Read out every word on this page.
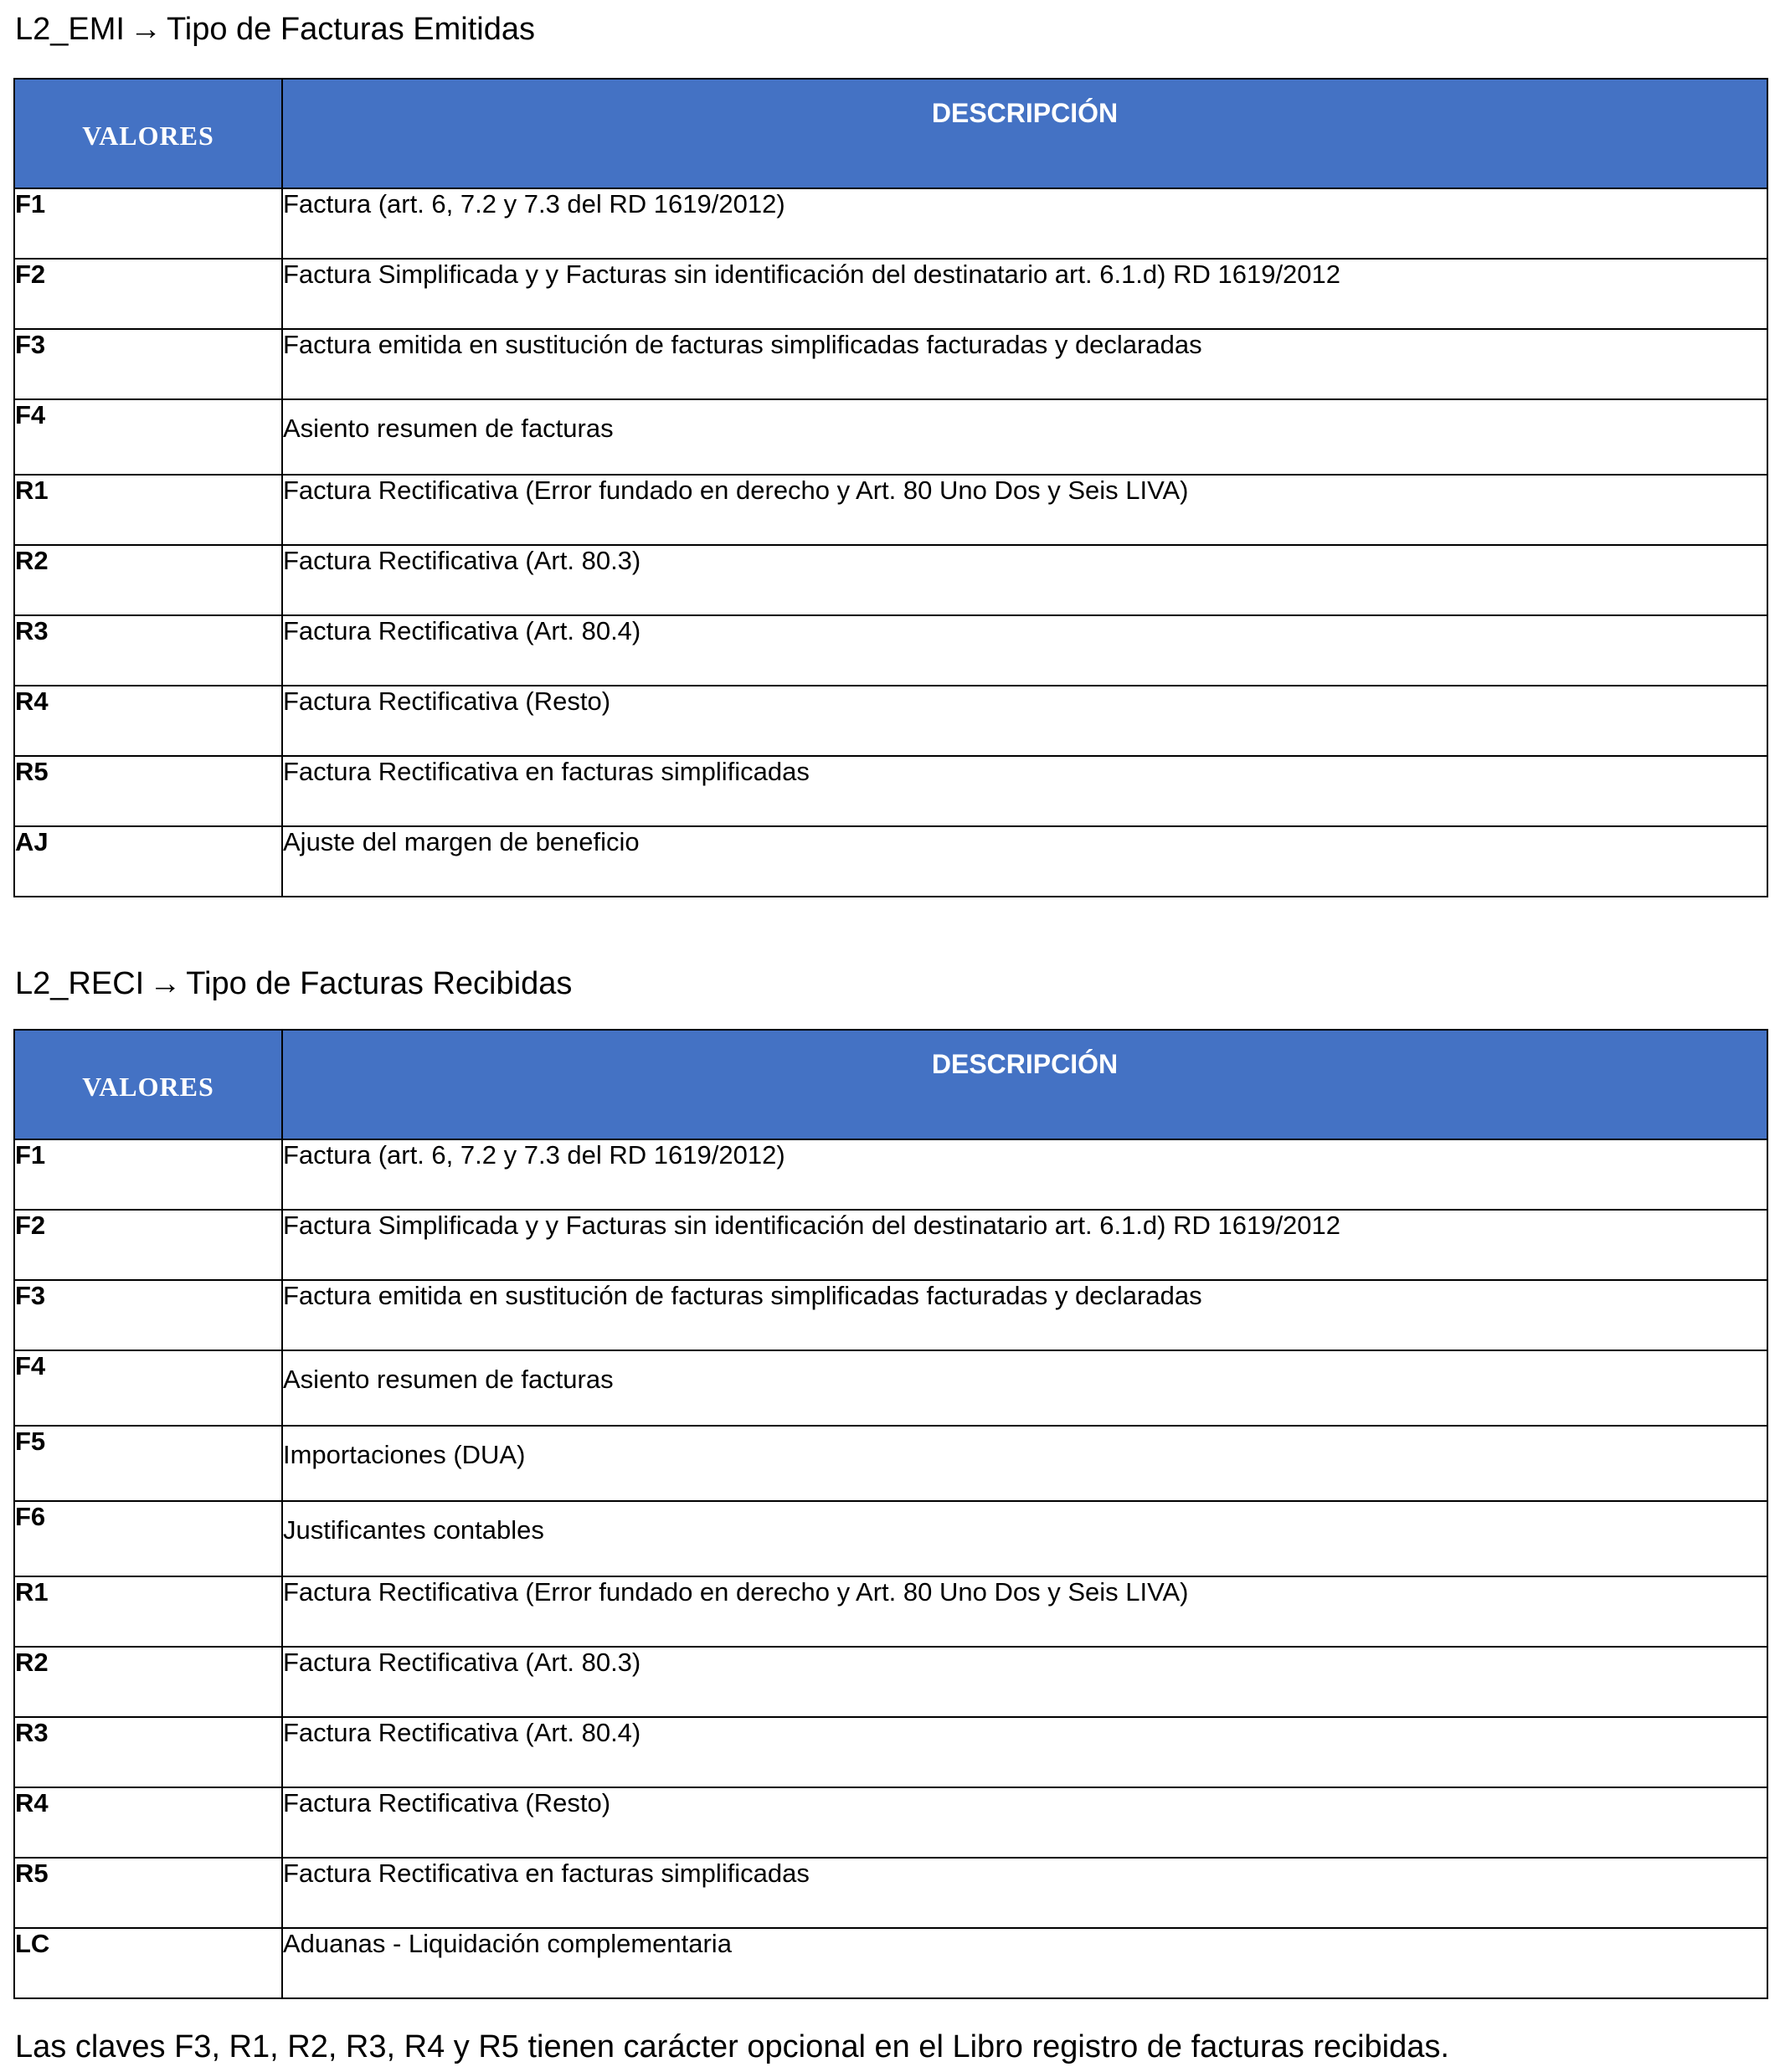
L2_EMI → Tipo de Facturas Emitidas
VALORES	DESCRIPCIÓN
F1	Factura (art. 6, 7.2 y 7.3 del RD 1619/2012)
F2	Factura Simplificada y y Facturas sin identificación del destinatario art. 6.1.d) RD 1619/2012
F3	Factura emitida en sustitución de facturas simplificadas facturadas y declaradas
F4	Asiento resumen de facturas
R1	Factura Rectificativa (Error fundado en derecho y Art. 80 Uno Dos y Seis LIVA)
R2	Factura Rectificativa (Art. 80.3)
R3	Factura Rectificativa (Art. 80.4)
R4	Factura Rectificativa (Resto)
R5	Factura Rectificativa en facturas simplificadas
AJ	Ajuste del margen de beneficio
L2_RECI → Tipo de Facturas Recibidas
VALORES	DESCRIPCIÓN
F1	Factura (art. 6, 7.2 y 7.3 del RD 1619/2012)
F2	Factura Simplificada y y Facturas sin identificación del destinatario art. 6.1.d) RD 1619/2012
F3	Factura emitida en sustitución de facturas simplificadas facturadas y declaradas
F4	Asiento resumen de facturas
F5	Importaciones (DUA)
F6	Justificantes contables
R1	Factura Rectificativa (Error fundado en derecho y Art. 80 Uno Dos y Seis LIVA)
R2	Factura Rectificativa (Art. 80.3)
R3	Factura Rectificativa (Art. 80.4)
R4	Factura Rectificativa (Resto)
R5	Factura Rectificativa en facturas simplificadas
LC	Aduanas - Liquidación complementaria
Las claves F3, R1, R2, R3, R4 y R5 tienen carácter opcional en el Libro registro de facturas recibidas.
